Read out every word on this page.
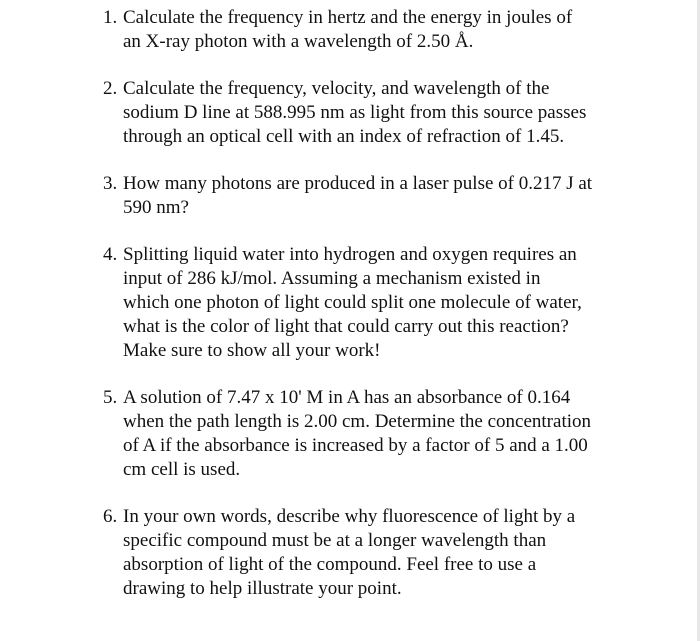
1. Calculate the frequency in hertz and the energy in joules of
an X-ray photon with a wavelength of 2.50 Å.
2. Calculate the frequency, velocity, and wavelength of the
sodium D line at 588.995 nm as light from this source passes
through an optical cell with an index of refraction of 1.45.
3. How many photons are produced in a laser pulse of 0.217 J at
590 nm?
4. Splitting liquid water into hydrogen and oxygen requires an
input of 286 kJ/mol. Assuming a mechanism existed in
which one photon of light could split one molecule of water,
what is the color of light that could carry out this reaction?
Make sure to show all your work!
5. A solution of 7.47 x 10' M in A has an absorbance of 0.164
when the path length is 2.00 cm. Determine the concentration
of A if the absorbance is increased by a factor of 5 and a 1.00
cm cell is used.
6. In your own words, describe why fluorescence of light by a
specific compound must be at a longer wavelength than
absorption of light of the compound. Feel free to use a
drawing to help illustrate your point.
